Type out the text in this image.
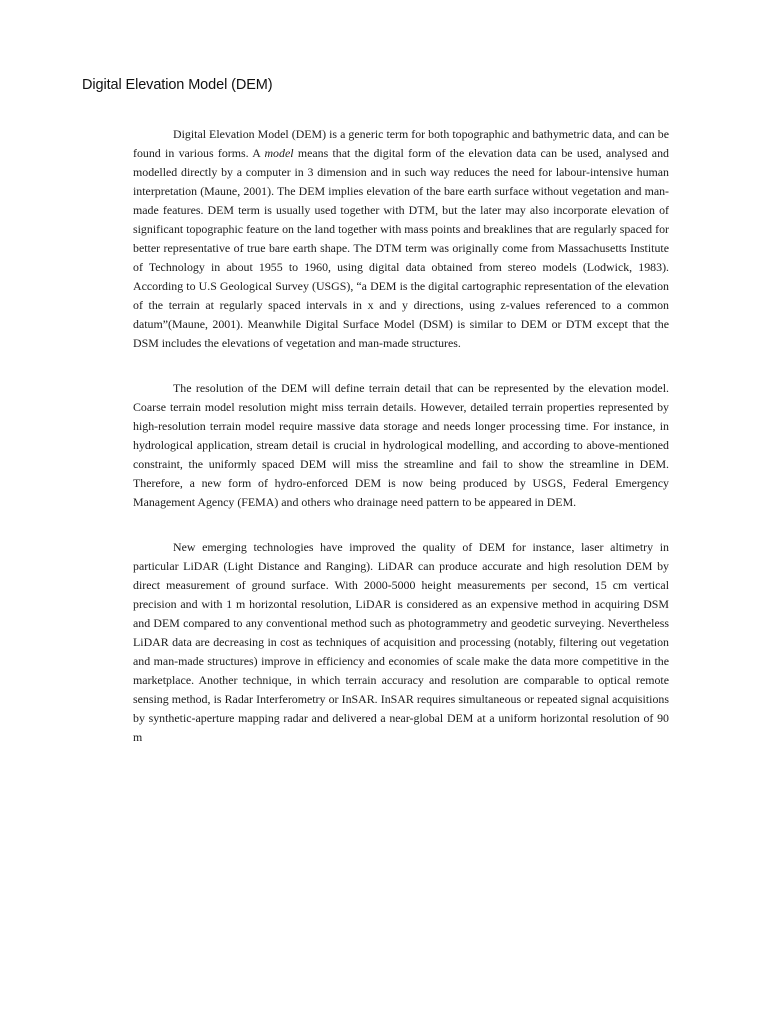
Digital Elevation Model (DEM)

Digital Elevation Model (DEM) is a generic term for both topographic and bathymetric data, and can be found in various forms. A model means that the digital form of the elevation data can be used, analysed and modelled directly by a computer in 3 dimension and in such way reduces the need for labour-intensive human interpretation (Maune, 2001). The DEM implies elevation of the bare earth surface without vegetation and man-made features. DEM term is usually used together with DTM, but the later may also incorporate elevation of significant topographic feature on the land together with mass points and breaklines that are regularly spaced for better representative of true bare earth shape. The DTM term was originally come from Massachusetts Institute of Technology in about 1955 to 1960, using digital data obtained from stereo models (Lodwick, 1983). According to U.S Geological Survey (USGS), “a DEM is the digital cartographic representation of the elevation of the terrain at regularly spaced intervals in x and y directions, using z-values referenced to a common datum”(Maune, 2001). Meanwhile Digital Surface Model (DSM) is similar to DEM or DTM except that the DSM includes the elevations of vegetation and man-made structures.

The resolution of the DEM will define terrain detail that can be represented by the elevation model. Coarse terrain model resolution might miss terrain details. However, detailed terrain properties represented by high-resolution terrain model require massive data storage and needs longer processing time. For instance, in hydrological application, stream detail is crucial in hydrological modelling, and according to above-mentioned constraint, the uniformly spaced DEM will miss the streamline and fail to show the streamline in DEM. Therefore, a new form of hydro-enforced DEM is now being produced by USGS, Federal Emergency Management Agency (FEMA) and others who drainage need pattern to be appeared in DEM.

New emerging technologies have improved the quality of DEM for instance, laser altimetry in particular LiDAR (Light Distance and Ranging). LiDAR can produce accurate and high resolution DEM by direct measurement of ground surface. With 2000-5000 height measurements per second, 15 cm vertical precision and with 1 m horizontal resolution, LiDAR is considered as an expensive method in acquiring DSM and DEM compared to any conventional method such as photogrammetry and geodetic surveying. Nevertheless LiDAR data are decreasing in cost as techniques of acquisition and processing (notably, filtering out vegetation and man-made structures) improve in efficiency and economies of scale make the data more competitive in the marketplace. Another technique, in which terrain accuracy and resolution are comparable to optical remote sensing method, is Radar Interferometry or InSAR. InSAR requires simultaneous or repeated signal acquisitions by synthetic-aperture mapping radar and delivered a near-global DEM at a uniform horizontal resolution of 90 m
